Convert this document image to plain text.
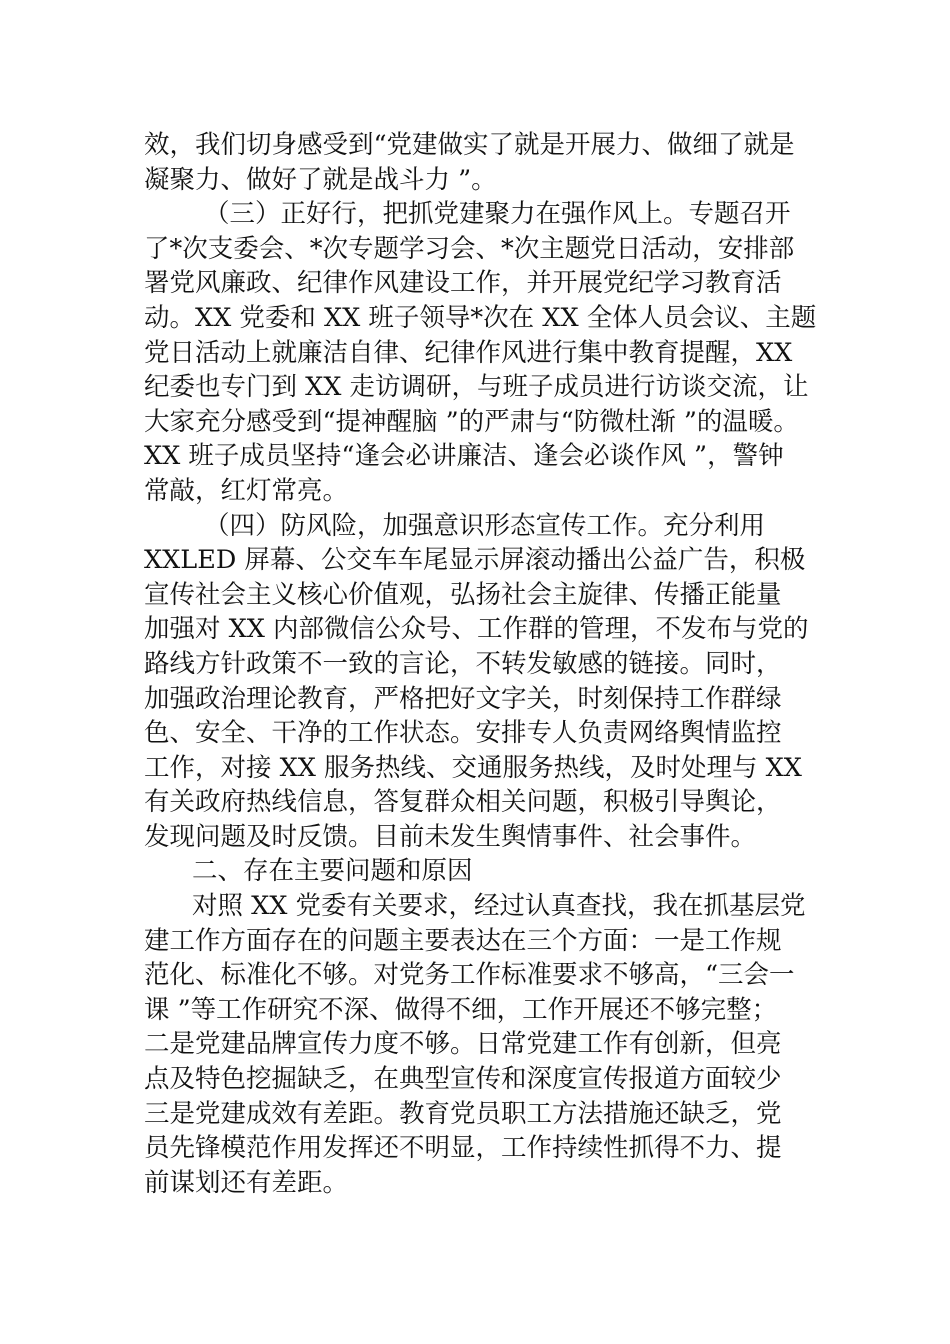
效，我们切身感受到“党建做实了就是开展力、做细了就是
凝聚力、做好了就是战斗力 ”。
（三）正好行，把抓党建聚力在强作风上。专题召开
了*次支委会、*次专题学习会、*次主题党日活动，安排部
署党风廉政、纪律作风建设工作，并开展党纪学习教育活
动。XX 党委和 XX 班子领导*次在 XX 全体人员会议、主题
党日活动上就廉洁自律、纪律作风进行集中教育提醒，XX
纪委也专门到 XX 走访调研，与班子成员进行访谈交流，让
大家充分感受到“提神醒脑 ”的严肃与“防微杜渐 ”的温暖。
XX 班子成员坚持“逢会必讲廉洁、逢会必谈作风 ”，警钟
常敲，红灯常亮。
（四）防风险，加强意识形态宣传工作。充分利用
XXLED 屏幕、公交车车尾显示屏滚动播出公益广告，积极
宣传社会主义核心价值观，弘扬社会主旋律、传播正能量
加强对 XX 内部微信公众号、工作群的管理，不发布与党的
路线方针政策不一致的言论，不转发敏感的链接。同时，
加强政治理论教育，严格把好文字关，时刻保持工作群绿
色、安全、干净的工作状态。安排专人负责网络舆情监控
工作，对接 XX 服务热线、交通服务热线，及时处理与 XX
有关政府热线信息，答复群众相关问题，积极引导舆论，
发现问题及时反馈。目前未发生舆情事件、社会事件。
二、存在主要问题和原因
对照 XX 党委有关要求，经过认真查找，我在抓基层党
建工作方面存在的问题主要表达在三个方面：一是工作规
范化、标准化不够。对党务工作标准要求不够高，“三会一
课 ”等工作研究不深、做得不细，工作开展还不够完整；
二是党建品牌宣传力度不够。日常党建工作有创新，但亮
点及特色挖掘缺乏，在典型宣传和深度宣传报道方面较少
三是党建成效有差距。教育党员职工方法措施还缺乏，党
员先锋模范作用发挥还不明显，工作持续性抓得不力、提
前谋划还有差距。
